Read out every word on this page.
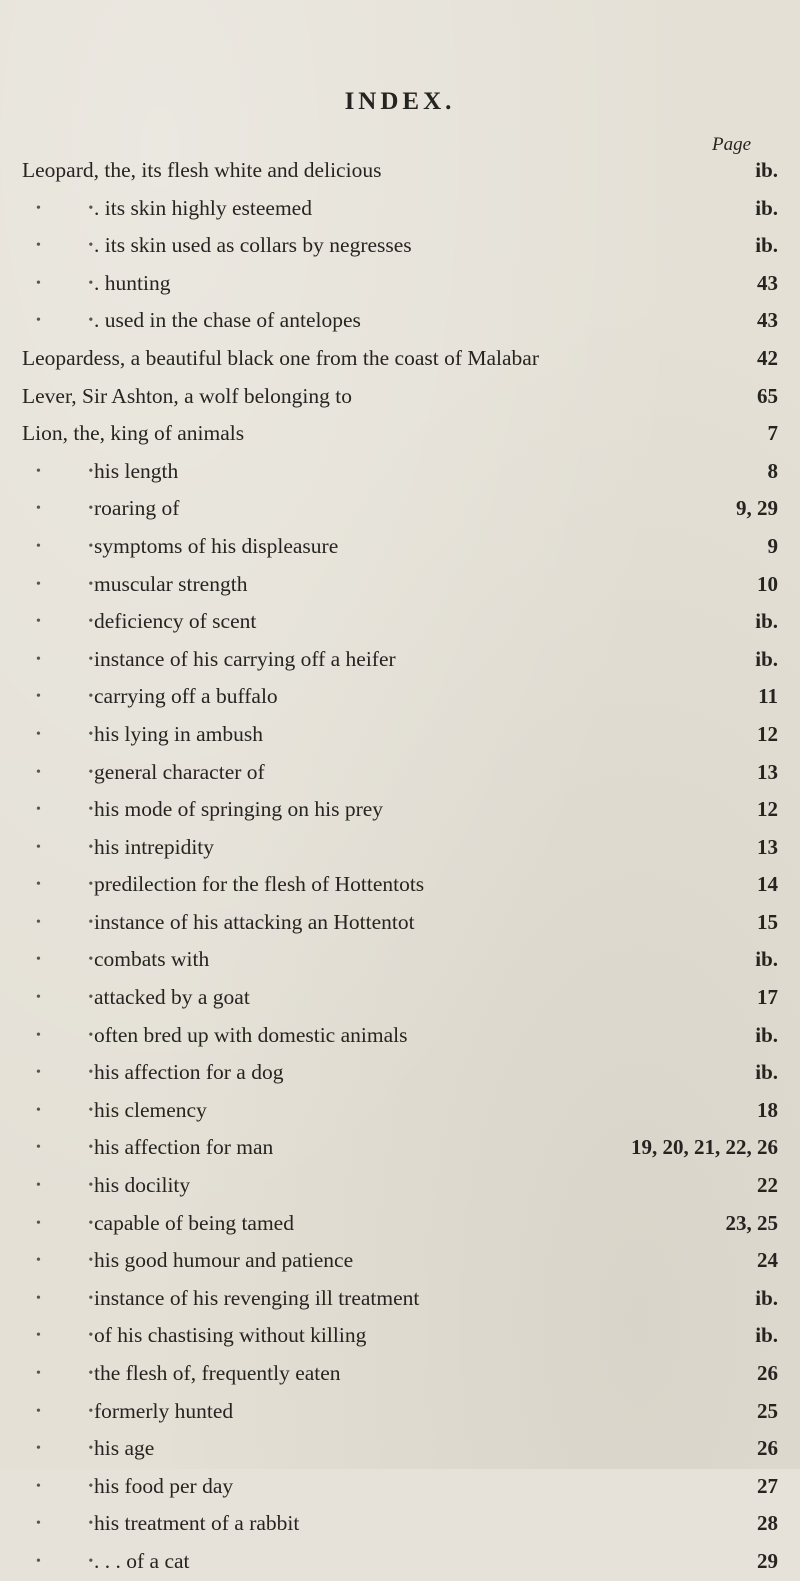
INDEX.
Page
Leopard, the, its flesh white and delicious	ib.
• •
. its skin highly esteemed	ib.
• •
. its skin used as collars by negresses	ib.
• •
. hunting	43
• •
. used in the chase of antelopes	43
Leopardess, a beautiful black one from the coast of Malabar	42
Lever, Sir Ashton, a wolf belonging to	65
Lion, the, king of animals	7
• •
his length	8
• •
roaring of	9, 29
• •
symptoms of his displeasure	9
• •
muscular strength	10
• •
deficiency of scent	ib.
• •
instance of his carrying off a heifer	ib.
• •
carrying off a buffalo	11
• •
his lying in ambush	12
• •
general character of	13
• •
his mode of springing on his prey	12
• •
his intrepidity	13
• •
predilection for the flesh of Hottentots	14
• •
instance of his attacking an Hottentot	15
• •
combats with	ib.
• •
attacked by a goat	17
• •
often bred up with domestic animals	ib.
• •
his affection for a dog	ib.
• •
his clemency	18
• •
his affection for man	19, 20, 21, 22, 26
• •
his docility	22
• •
capable of being tamed	23, 25
• •
his good humour and patience	24
• •
instance of his revenging ill treatment	ib.
• •
of his chastising without killing	ib.
• •
the flesh of, frequently eaten	26
• •
formerly hunted	25
• •
his age	26
• •
his food per day	27
• •
his treatment of a rabbit	28
• •
. . . of a cat	29
